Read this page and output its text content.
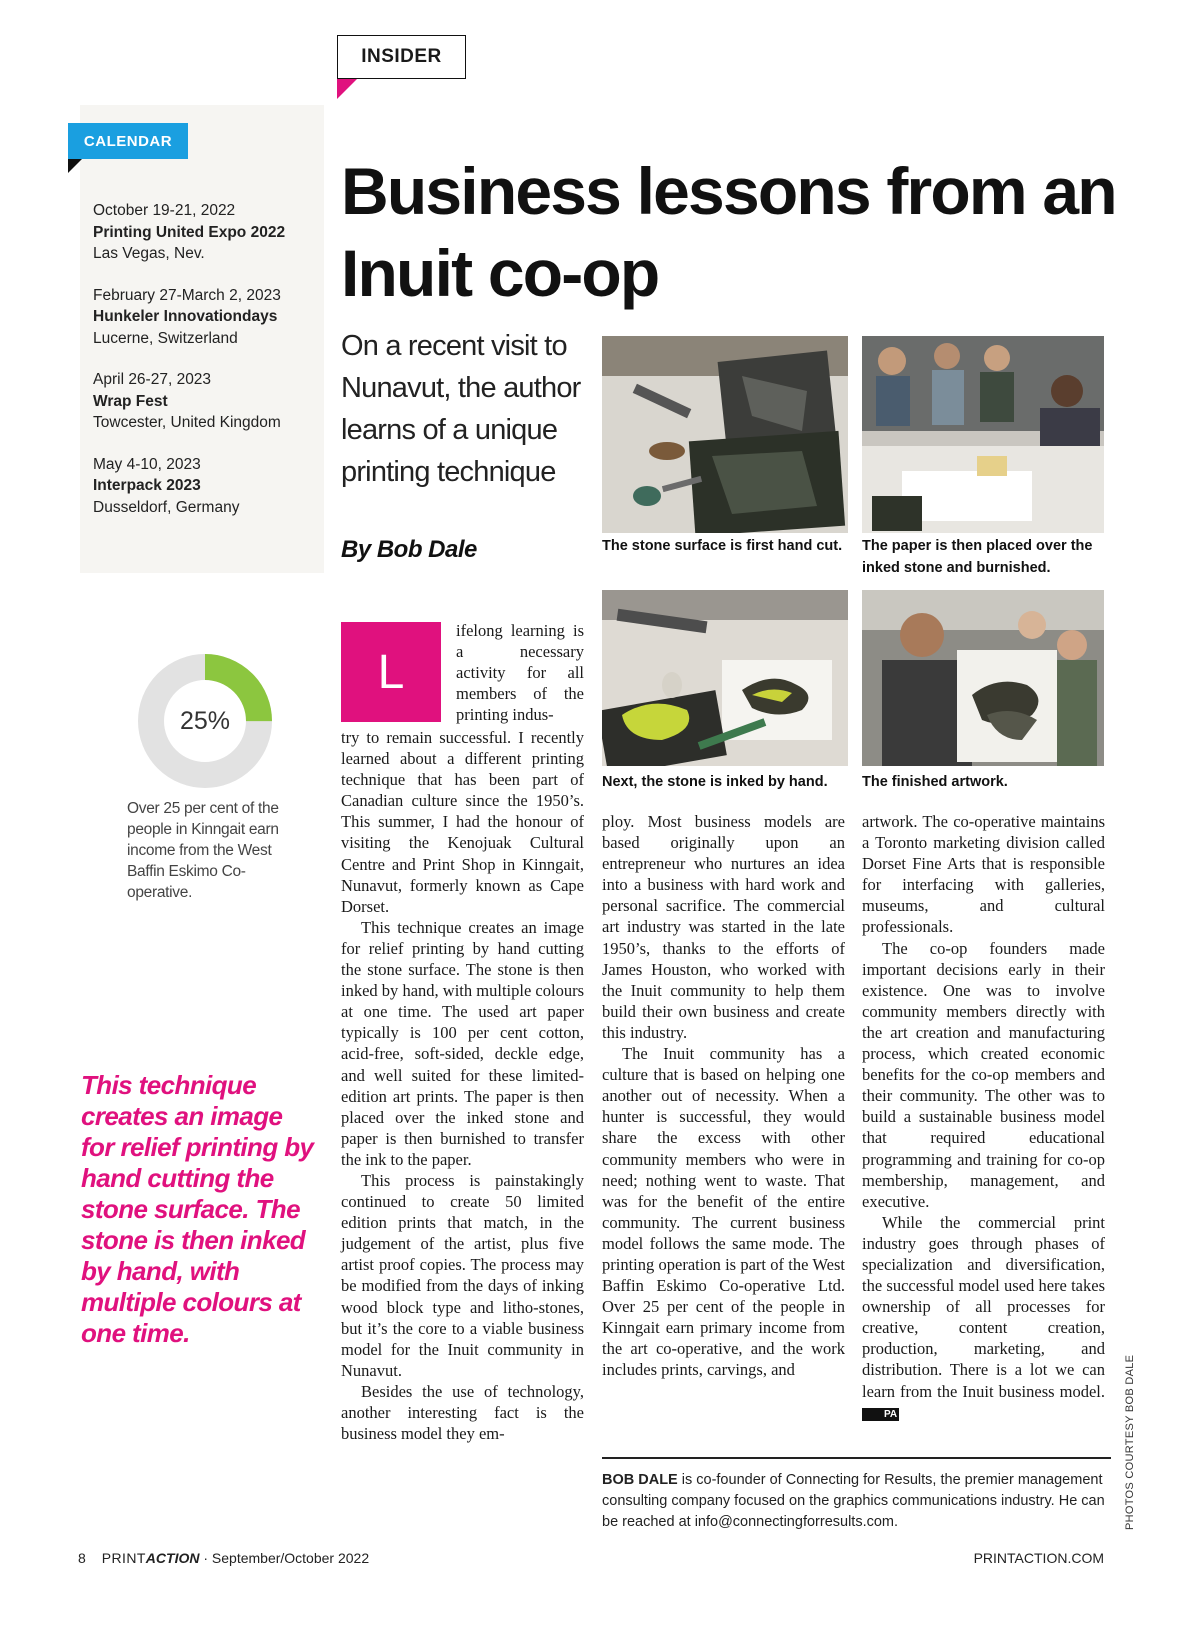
INSIDER
CALENDAR
October 19-21, 2022
Printing United Expo 2022
Las Vegas, Nev.
February 27-March 2, 2023
Hunkeler Innovationdays
Lucerne, Switzerland
April 26-27, 2023
Wrap Fest
Towcester, United Kingdom
May 4-10, 2023
Interpack 2023
Dusseldorf, Germany
25%
Over 25 per cent of the people in Kinngait earn income from the West Baffin Eskimo Co-operative.
This technique creates an image for relief printing by hand cutting the stone surface. The stone is then inked by hand, with multiple colours at one time.
Business lessons from an Inuit co-op
On a recent visit to Nunavut, the author learns of a unique printing technique
By Bob Dale	The stone surface is first hand cut.	The paper is then placed over the inked stone and burnished.
Next, the stone is inked by hand.	The finished artwork.
L
ifelong learning is a necessary activity for all members of the printing indus-

try to remain successful. I recently learned about a different printing technique that has been part of Canadian culture since the 1950’s. This summer, I had the honour of visiting the Kenojuak Cultural Centre and Print Shop in Kinngait, Nunavut, formerly known as Cape Dorset.

This technique creates an image for relief printing by hand cutting the stone surface. The stone is then inked by hand, with multiple colours at one time. The used art paper typically is 100 per cent cotton, acid-free, soft-sided, deckle edge, and well suited for these limited-edition art prints. The paper is then placed over the inked stone and paper is then burnished to transfer the ink to the paper.

This process is painstakingly continued to create 50 limited edition prints that match, in the judgement of the artist, plus five artist proof copies. The process may be modified from the days of inking wood block type and litho-stones, but it’s the core to a viable business model for the Inuit community in Nunavut.

Besides the use of technology, another interesting fact is the business model they em-

ploy. Most business models are based originally upon an entrepreneur who nurtures an idea into a business with hard work and personal sacrifice. The commercial art industry was started in the late 1950’s, thanks to the efforts of James Houston, who worked with the Inuit community to help them build their own business and create this industry.

The Inuit community has a culture that is based on helping one another out of necessity. When a hunter is successful, they would share the excess with other community members who were in need; nothing went to waste. That was for the benefit of the entire community. The current business model follows the same mode. The printing operation is part of the West Baffin Eskimo Co-operative Ltd. Over 25 per cent of the people in Kinngait earn primary income from the art co-operative, and the work includes prints, carvings, and

artwork. The co-operative maintains a Toronto marketing division called Dorset Fine Arts that is responsible for interfacing with galleries, museums, and cultural professionals.

The co-op founders made important decisions early in their existence. One was to involve community members directly with the art creation and manufacturing process, which created economic benefits for the co-op members and their community. The other was to build a sustainable business model that required educational programming and training for co-op membership, management, and executive.

While the commercial print industry goes through phases of specialization and diversification, the successful model used here takes ownership of all processes for creative, content creation, production, marketing, and distribution. There is a lot we can learn from the Inuit business model. PA

BOB DALE is co-founder of Connecting for Results, the premier management consulting company focused on the graphics communications industry. He can be reached at info@connectingforresults.com.	PHOTOS COURTESY BOB DALE
8 PRINTACTION · September/October 2022	PRINTACTION.COM
